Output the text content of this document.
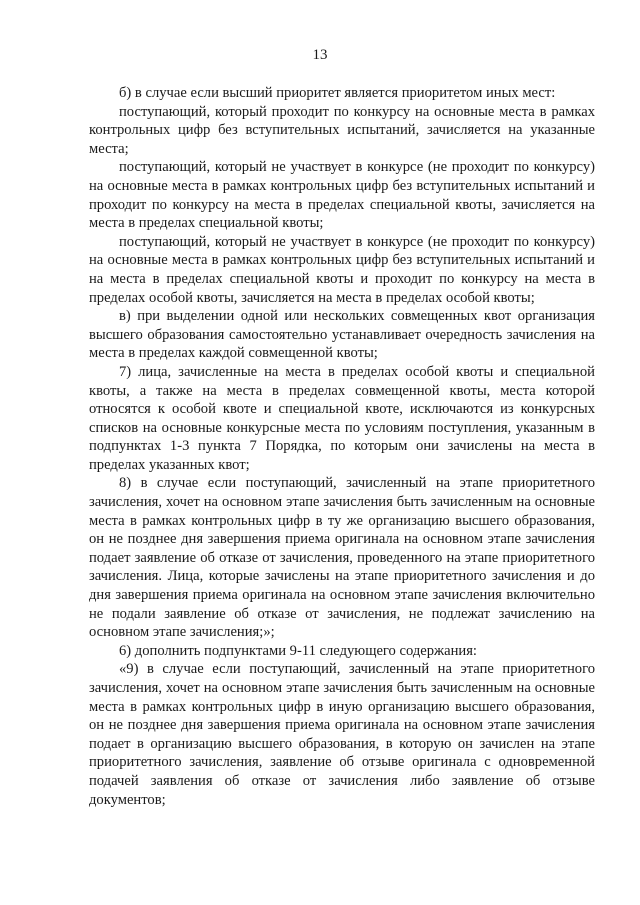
13

б) в случае если высший приоритет является приоритетом иных мест:

поступающий, который проходит по конкурсу на основные места в рамках контрольных цифр без вступительных испытаний, зачисляется на указанные места;

поступающий, который не участвует в конкурсе (не проходит по конкурсу) на основные места в рамках контрольных цифр без вступительных испытаний и проходит по конкурсу на места в пределах специальной квоты, зачисляется на места в пределах специальной квоты;

поступающий, который не участвует в конкурсе (не проходит по конкурсу) на основные места в рамках контрольных цифр без вступительных испытаний и на места в пределах специальной квоты и проходит по конкурсу на места в пределах особой квоты, зачисляется на места в пределах особой квоты;

в) при выделении одной или нескольких совмещенных квот организация высшего образования самостоятельно устанавливает очередность зачисления на места в пределах каждой совмещенной квоты;

7) лица, зачисленные на места в пределах особой квоты и специальной квоты, а также на места в пределах совмещенной квоты, места которой относятся к особой квоте и специальной квоте, исключаются из конкурсных списков на основные конкурсные места по условиям поступления, указанным в подпунктах 1-3 пункта 7 Порядка, по которым они зачислены на места в пределах указанных квот;

8) в случае если поступающий, зачисленный на этапе приоритетного зачисления, хочет на основном этапе зачисления быть зачисленным на основные места в рамках контрольных цифр в ту же организацию высшего образования, он не позднее дня завершения приема оригинала на основном этапе зачисления подает заявление об отказе от зачисления, проведенного на этапе приоритетного зачисления. Лица, которые зачислены на этапе приоритетного зачисления и до дня завершения приема оригинала на основном этапе зачисления включительно не подали заявление об отказе от зачисления, не подлежат зачислению на основном этапе зачисления;»;

6) дополнить подпунктами 9-11 следующего содержания:

«9) в случае если поступающий, зачисленный на этапе приоритетного зачисления, хочет на основном этапе зачисления быть зачисленным на основные места в рамках контрольных цифр в иную организацию высшего образования, он не позднее дня завершения приема оригинала на основном этапе зачисления подает в организацию высшего образования, в которую он зачислен на этапе приоритетного зачисления, заявление об отзыве оригинала с одновременной подачей заявления об отказе от зачисления либо заявление об отзыве документов;
